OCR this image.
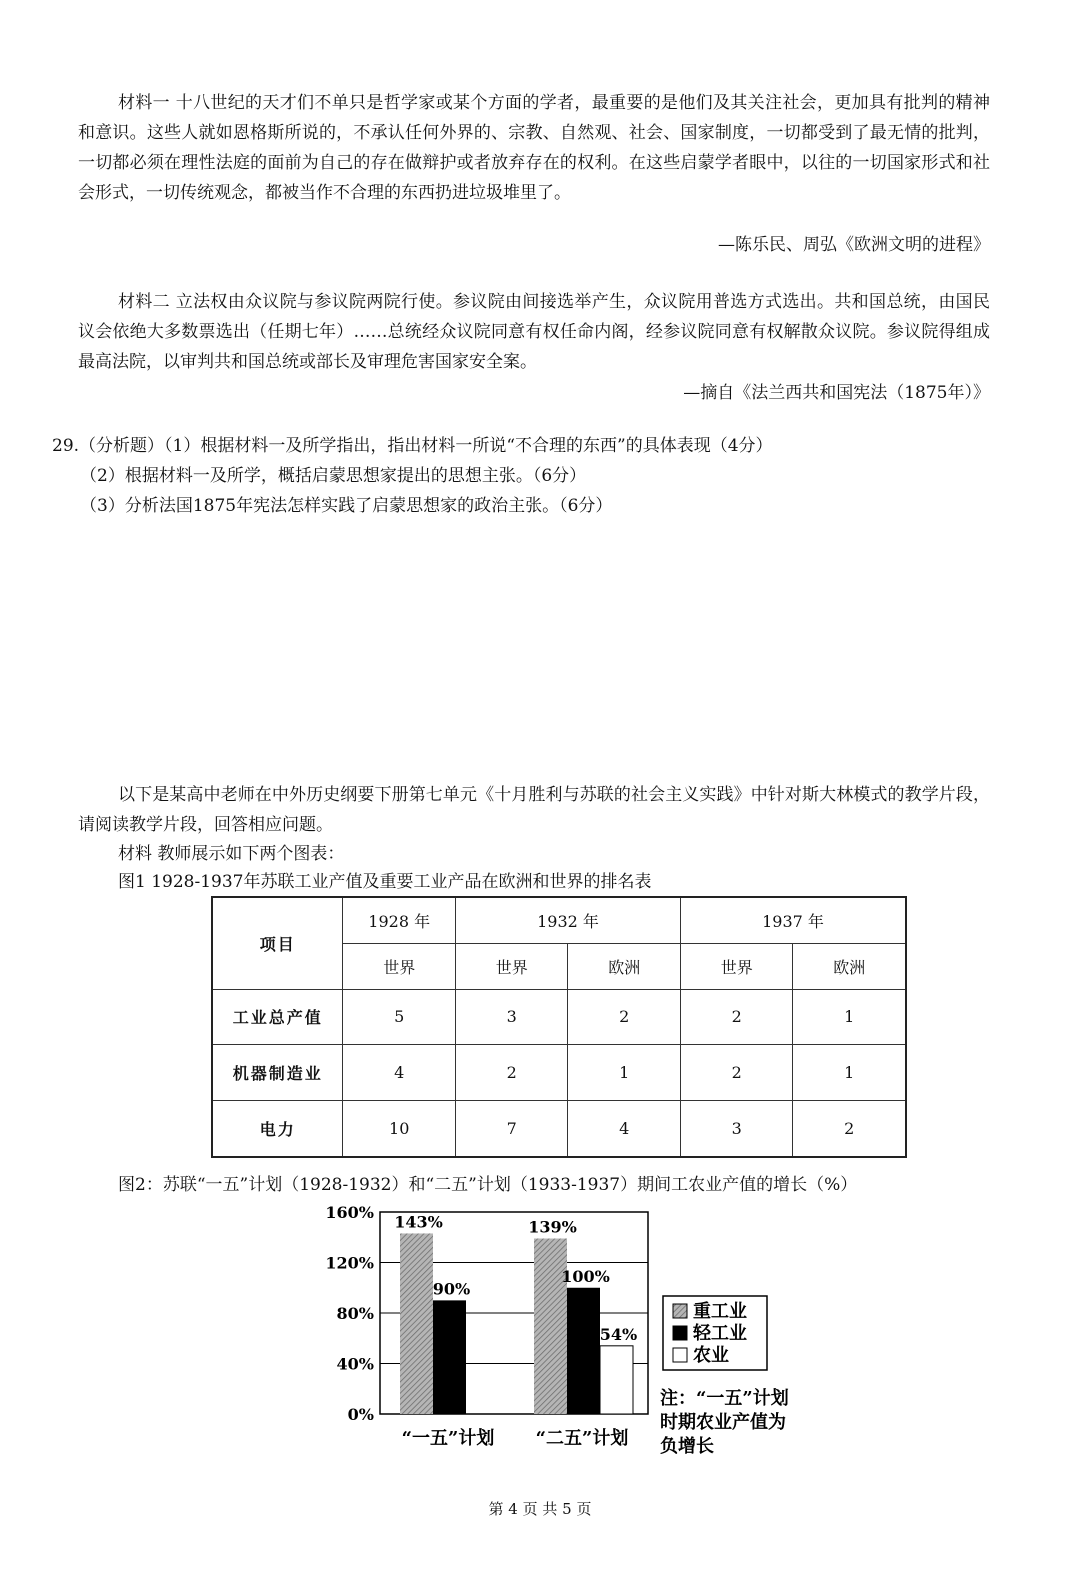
材料一 十八世纪的天才们不单只是哲学家或某个方面的学者，最重要的是他们及其关注社会，更加具有批判的精神和意识。这些人就如恩格斯所说的，不承认任何外界的、宗教、自然观、社会、国家制度，一切都受到了最无情的批判，一切都必须在理性法庭的面前为自己的存在做辩护或者放弃存在的权利。在这些启蒙学者眼中，以往的一切国家形式和社会形式，一切传统观念，都被当作不合理的东西扔进垃圾堆里了。

—陈乐民、周弘《欧洲文明的进程》

材料二 立法权由众议院与参议院两院行使。参议院由间接选举产生，众议院用普选方式选出。共和国总统，由国民议会依绝大多数票选出（任期七年）……总统经众议院同意有权任命内阁，经参议院同意有权解散众议院。参议院得组成最高法院，以审判共和国总统或部长及审理危害国家安全案。

—摘自《法兰西共和国宪法（1875年）》

29.（分析题）（1）根据材料一及所学指出，指出材料一所说“不合理的东西”的具体表现（4分）

（2）根据材料一及所学，概括启蒙思想家提出的思想主张。（6分）

（3）分析法国1875年宪法怎样实践了启蒙思想家的政治主张。（6分）

以下是某高中老师在中外历史纲要下册第七单元《十月胜利与苏联的社会主义实践》中针对斯大林模式的教学片段，请阅读教学片段，回答相应问题。

材料 教师展示如下两个图表：

图1 1928-1937年苏联工业产值及重要工业产品在欧洲和世界的排名表

项目	1928 年	1932 年		1937 年	
	世界	世界	欧洲	世界	欧洲
工业总产值	5	3	2	2	1
机器制造业	4	2	1	2	1
电力	10	7	4	3	2

图2：苏联“一五”计划（1928-1932）和“二五”计划（1933-1937）期间工农业产值的增长（%）

0%
40%
80%
120%
160% 143%
90%
“一五”计划
139%
100%
54%
“二五”计划
重工业
轻工业
农业
注：“一五”计划
时期农业产值为
负增长

第 4 页 共 5 页
